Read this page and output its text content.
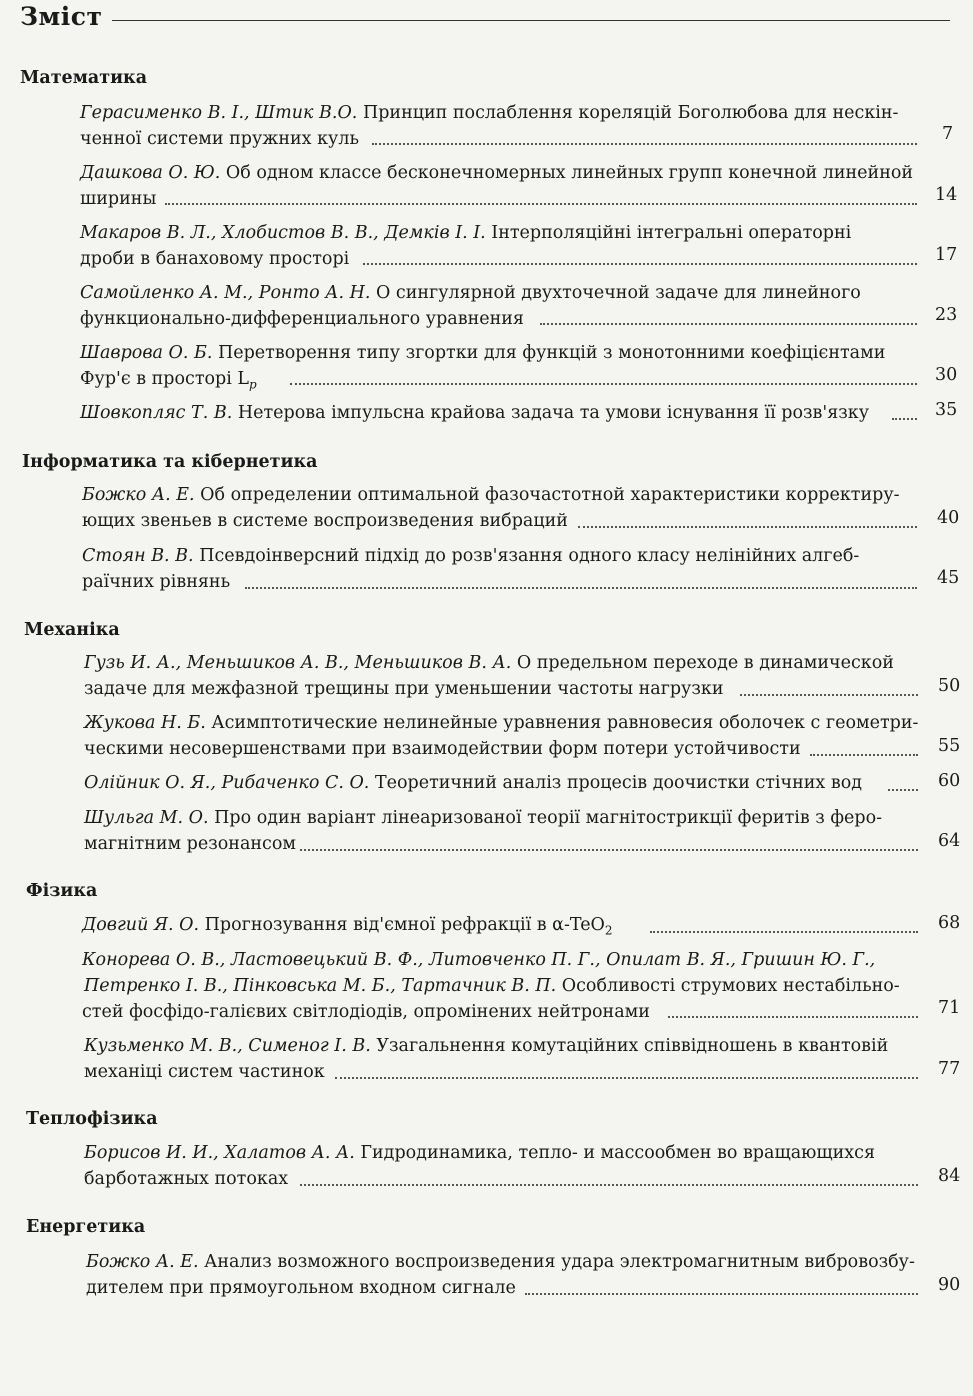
Зміст
Математика
Герасименко В. І., Штик В.О. Принцип послаблення кореляцій Боголюбова для нескін-
ченної системи пружних куль	7
Дашкова О. Ю. Об одном классе бесконечномерных линейных групп конечной линейной
ширины	14
Макаров В. Л., Хлобистов В. В., Демків І. І. Інтерполяційні інтегральні операторні
дроби в банаховому просторі	17
Самойленко А. М., Ронто А. Н. О сингулярной двухточечной задаче для линейного
функционально-дифференциального уравнения	23
Шаврова О. Б. Перетворення типу згортки для функцій з монотонними коефіцієнтами
Фур'є в просторі $L_p$	30
Шовкопляс Т. В. Нетерова імпульсна крайова задача та умови існування її розв'язку	35
Інформатика та кібернетика
Божко А. Е. Об определении оптимальной фазочастотной характеристики корректиру-
ющих звеньев в системе воспроизведения вибраций	40
Стоян В. В. Псевдоінверсний підхід до розв'язання одного класу нелінійних алгеб-
раїчних рівнянь	45
Механіка
Гузь И. А., Меньшиков А. В., Меньшиков В. А. О предельном переходе в динамической
задаче для межфазной трещины при уменьшении частоты нагрузки	50
Жукова Н. Б. Асимптотические нелинейные уравнения равновесия оболочек с геометри-
ческими несовершенствами при взаимодействии форм потери устойчивости	55
Олійник О. Я., Рибаченко С. О. Теоретичний аналіз процесів доочистки стічних вод	60
Шульга М. О. Про один варіант лінеаризованої теорії магнітострикції феритів з феро-
магнітним резонансом	64
Фізика
Довгий Я. О. Прогнозування від'ємної рефракції в α-TeO$_2$	68
Конорева О. В., Ластовецький В. Ф., Литовченко П. Г., Опилат В. Я., Гришин Ю. Г.,
Петренко І. В., Пінковська М. Б., Тартачник В. П. Особливості струмових нестабільно-
стей фосфідо-галієвих світлодіодів, опромінених нейтронами	71
Кузьменко М. В., Сименог І. В. Узагальнення комутаційних співвідношень в квантовій
механіці систем частинок	77
Теплофізика
Борисов И. И., Халатов А. А. Гидродинамика, тепло- и массообмен во вращающихся
барботажных потоках	84
Енергетика
Божко А. Е. Анализ возможного воспроизведения удара электромагнитным вибровозбу-
дителем при прямоугольном входном сигнале	90
